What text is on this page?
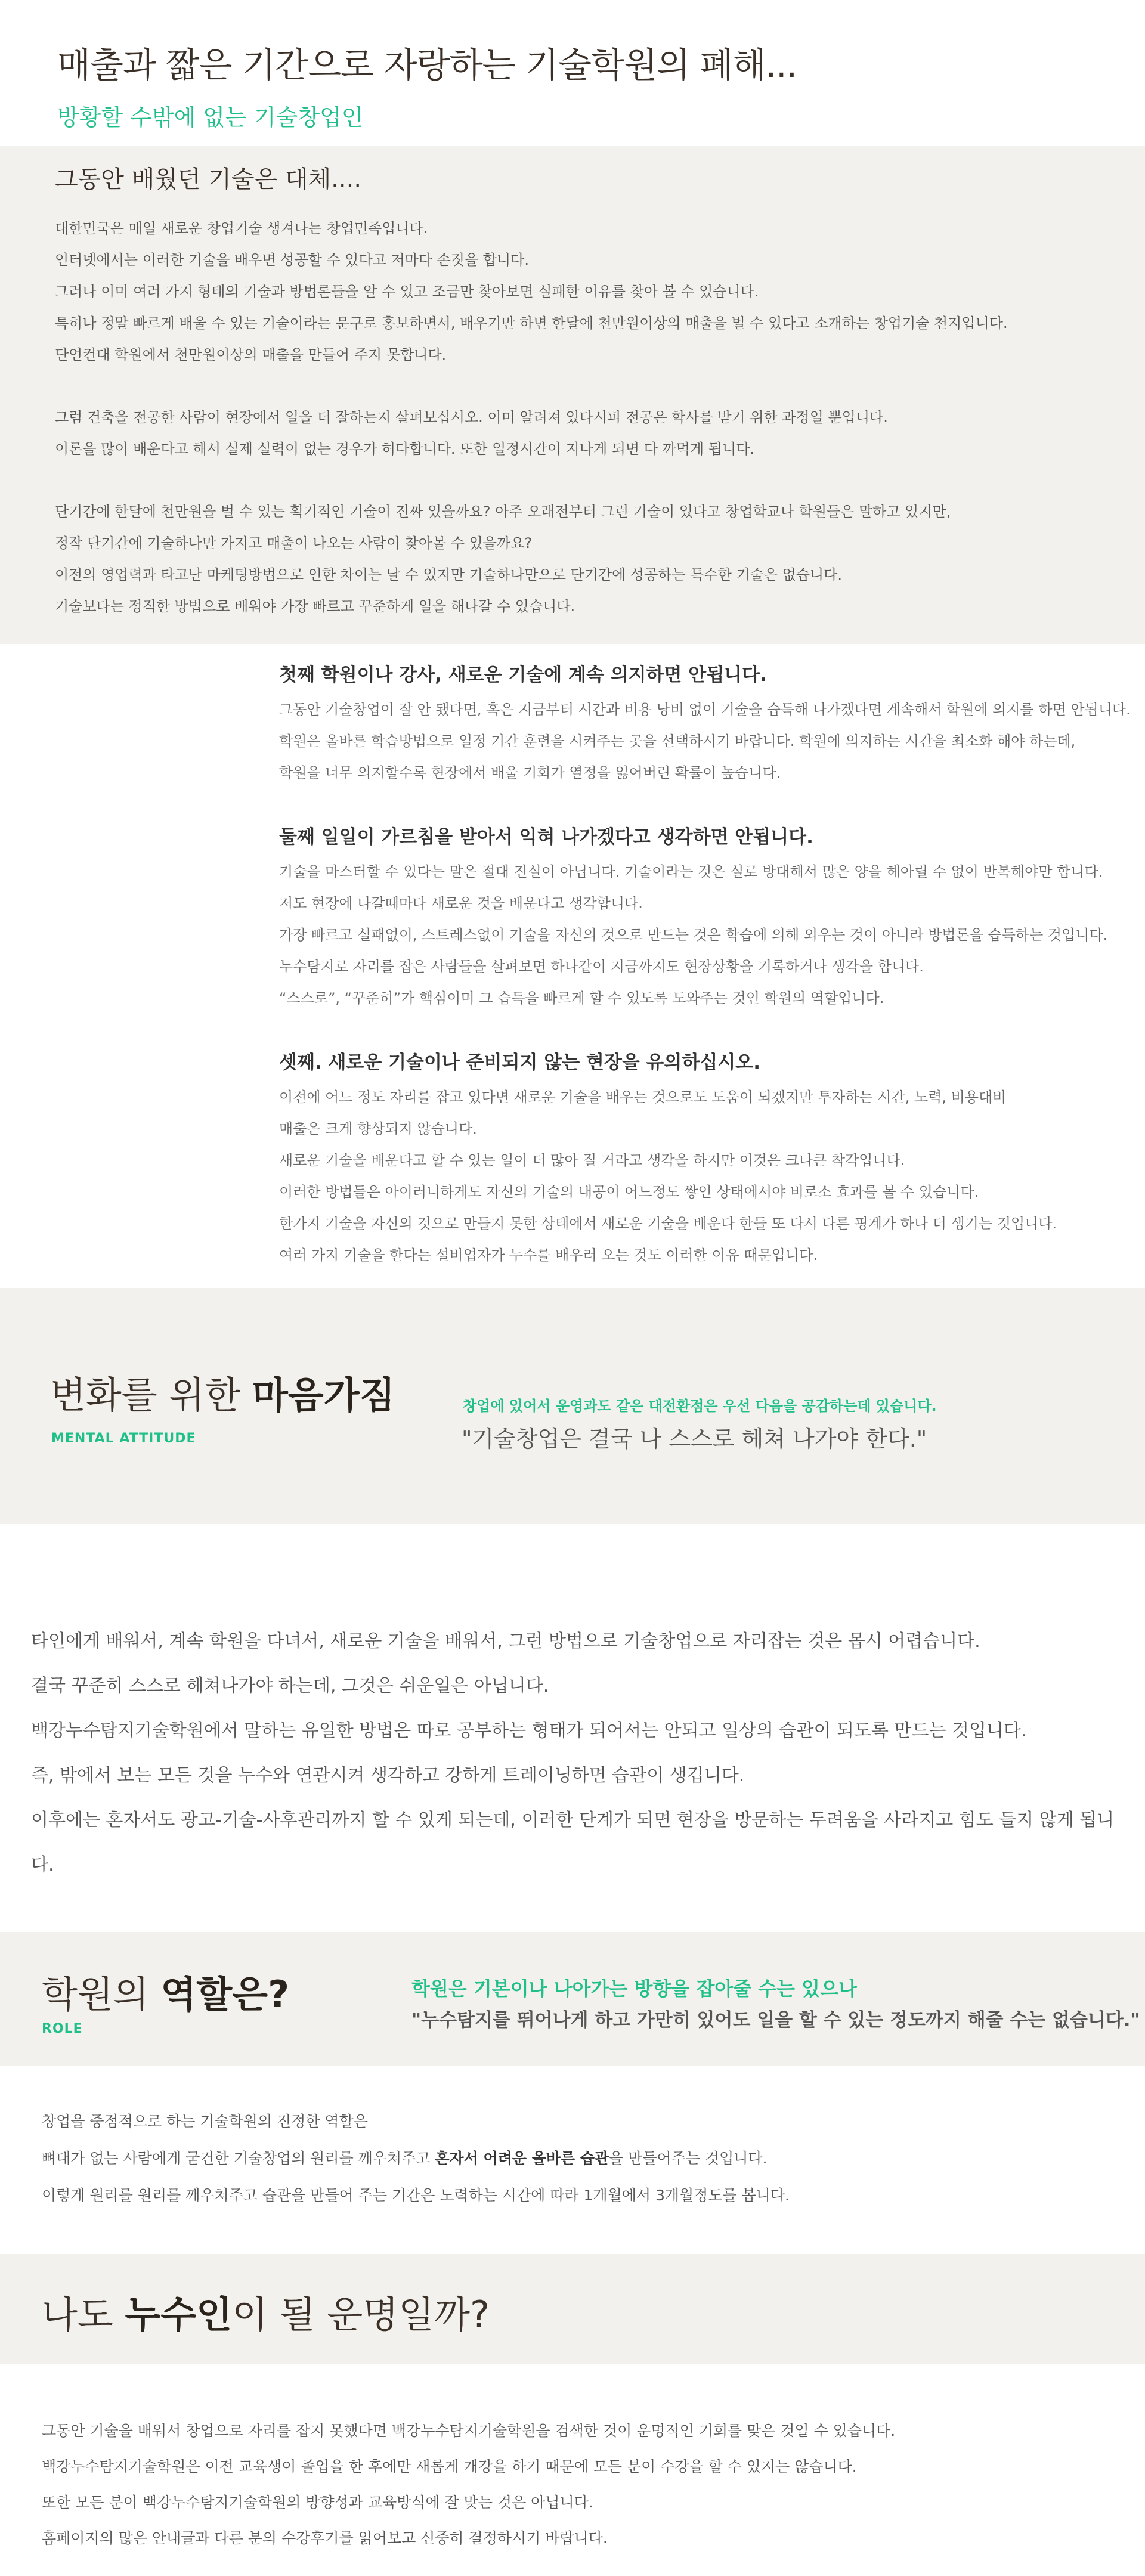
매출과 짧은 기간으로 자랑하는 기술학원의 폐해...
방황할 수밖에 없는 기술창업인
그동안 배웠던 기술은 대체....

대한민국은 매일 새로운 창업기술 생겨나는 창업민족입니다.

인터넷에서는 이러한 기술을 배우면 성공할 수 있다고 저마다 손짓을 합니다.

그러나 이미 여러 가지 형태의 기술과 방법론들을 알 수 있고 조금만 찾아보면 실패한 이유를 찾아 볼 수 있습니다.

특히나 정말 빠르게 배울 수 있는 기술이라는 문구로 홍보하면서, 배우기만 하면 한달에 천만원이상의 매출을 벌 수 있다고 소개하는 창업기술 천지입니다.

단언컨대 학원에서 천만원이상의 매출을 만들어 주지 못합니다.

그럼 건축을 전공한 사람이 현장에서 일을 더 잘하는지 살펴보십시오. 이미 알려져 있다시피 전공은 학사를 받기 위한 과정일 뿐입니다.

이론을 많이 배운다고 해서 실제 실력이 없는 경우가 허다합니다. 또한 일정시간이 지나게 되면 다 까먹게 됩니다.

단기간에 한달에 천만원을 벌 수 있는 획기적인 기술이 진짜 있을까요? 아주 오래전부터 그런 기술이 있다고 창업학교나 학원들은 말하고 있지만,

정작 단기간에 기술하나만 가지고 매출이 나오는 사람이 찾아볼 수 있을까요?

이전의 영업력과 타고난 마케팅방법으로 인한 차이는 날 수 있지만 기술하나만으로 단기간에 성공하는 특수한 기술은 없습니다.

기술보다는 정직한 방법으로 배워야 가장 빠르고 꾸준하게 일을 해나갈 수 있습니다.

첫째 학원이나 강사, 새로운 기술에 계속 의지하면 안됩니다.

그동안 기술창업이 잘 안 됐다면, 혹은 지금부터 시간과 비용 낭비 없이 기술을 습득해 나가겠다면 계속해서 학원에 의지를 하면 안됩니다.

학원은 올바른 학습방법으로 일정 기간 훈련을 시켜주는 곳을 선택하시기 바랍니다. 학원에 의지하는 시간을 최소화 해야 하는데,

학원을 너무 의지할수록 현장에서 배울 기회가 열정을 잃어버린 확률이 높습니다.

둘째 일일이 가르침을 받아서 익혀 나가겠다고 생각하면 안됩니다.

기술을 마스터할 수 있다는 말은 절대 진실이 아닙니다. 기술이라는 것은 실로 방대해서 많은 양을 헤아릴 수 없이 반복해야만 합니다.

저도 현장에 나갈때마다 새로운 것을 배운다고 생각합니다.

가장 빠르고 실패없이, 스트레스없이 기술을 자신의 것으로 만드는 것은 학습에 의해 외우는 것이 아니라 방법론을 습득하는 것입니다.

누수탐지로 자리를 잡은 사람들을 살펴보면 하나같이 지금까지도 현장상황을 기록하거나 생각을 합니다.

“스스로”, “꾸준히”가 핵심이며 그 습득을 빠르게 할 수 있도록 도와주는 것인 학원의 역할입니다.

셋째. 새로운 기술이나 준비되지 않는 현장을 유의하십시오.

이전에 어느 정도 자리를 잡고 있다면 새로운 기술을 배우는 것으로도 도움이 되겠지만 투자하는 시간, 노력, 비용대비

매출은 크게 향상되지 않습니다.

새로운 기술을 배운다고 할 수 있는 일이 더 많아 질 거라고 생각을 하지만 이것은 크나큰 착각입니다.

이러한 방법들은 아이러니하게도 자신의 기술의 내공이 어느정도 쌓인 상태에서야 비로소 효과를 볼 수 있습니다.

한가지 기술을 자신의 것으로 만들지 못한 상태에서 새로운 기술을 배운다 한들 또 다시 다른 핑계가 하나 더 생기는 것입니다.

여러 가지 기술을 한다는 설비업자가 누수를 배우러 오는 것도 이러한 이유 때문입니다.

변화를 위한 마음가짐
MENTAL ATTITUDE
창업에 있어서 운영과도 같은 대전환점은 우선 다음을 공감하는데 있습니다.
"기술창업은 결국 나 스스로 헤쳐 나가야 한다."

타인에게 배워서, 계속 학원을 다녀서, 새로운 기술을 배워서, 그런 방법으로 기술창업으로 자리잡는 것은 몹시 어렵습니다.

결국 꾸준히 스스로 헤쳐나가야 하는데, 그것은 쉬운일은 아닙니다.

백강누수탐지기술학원에서 말하는 유일한 방법은 따로 공부하는 형태가 되어서는 안되고 일상의 습관이 되도록 만드는 것입니다.

즉, 밖에서 보는 모든 것을 누수와 연관시켜 생각하고 강하게 트레이닝하면 습관이 생깁니다.

이후에는 혼자서도 광고-기술-사후관리까지 할 수 있게 되는데, 이러한 단계가 되면 현장을 방문하는 두려움을 사라지고 힘도 들지 않게 됩니다.

학원의 역할은?
ROLE
학원은 기본이나 나아가는 방향을 잡아줄 수는 있으나
"누수탐지를 뛰어나게 하고 가만히 있어도 일을 할 수 있는 정도까지 해줄 수는 없습니다."

창업을 중점적으로 하는 기술학원의 진정한 역할은

뼈대가 없는 사람에게 굳건한 기술창업의 원리를 깨우쳐주고 혼자서 어려운 올바른 습관을 만들어주는 것입니다.

이렇게 원리를 원리를 깨우쳐주고 습관을 만들어 주는 기간은 노력하는 시간에 따라 1개월에서 3개월정도를 봅니다.

나도 누수인이 될 운명일까?

그동안 기술을 배워서 창업으로 자리를 잡지 못했다면 백강누수탐지기술학원을 검색한 것이 운명적인 기회를 맞은 것일 수 있습니다.

백강누수탐지기술학원은 이전 교육생이 졸업을 한 후에만 새롭게 개강을 하기 때문에 모든 분이 수강을 할 수 있지는 않습니다.

또한 모든 분이 백강누수탐지기술학원의 방향성과 교육방식에 잘 맞는 것은 아닙니다.

홈페이지의 많은 안내글과 다른 분의 수강후기를 읽어보고 신중히 결정하시기 바랍니다.
